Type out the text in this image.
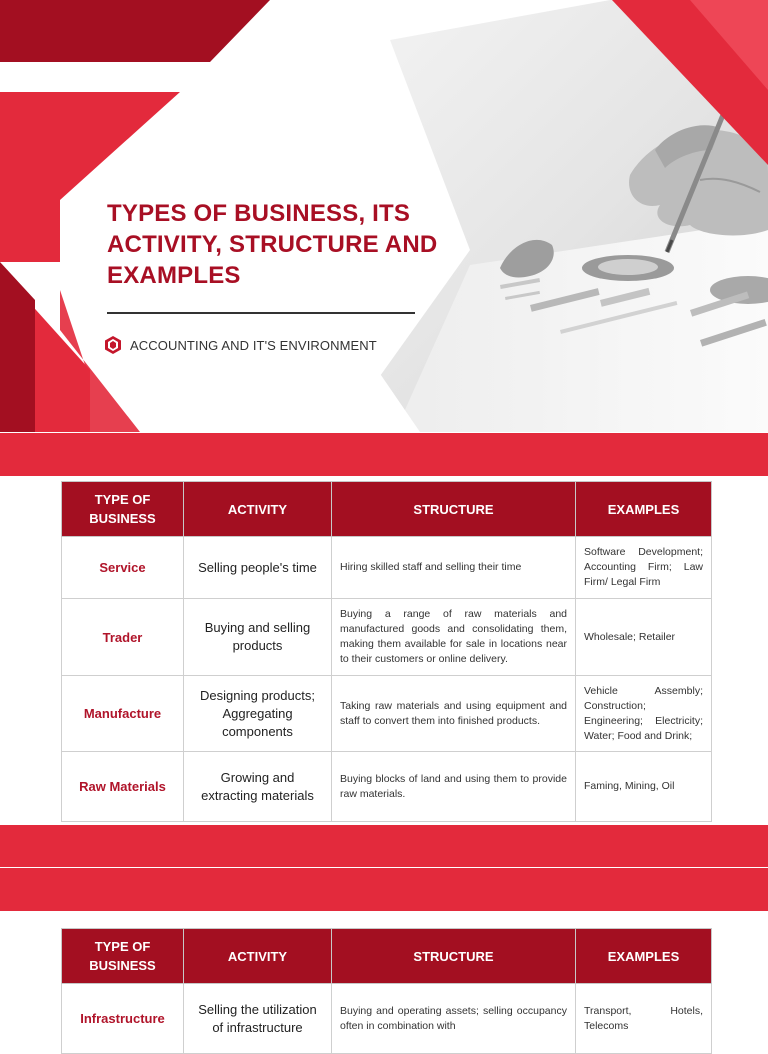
TYPES OF BUSINESS, ITS ACTIVITY, STRUCTURE AND EXAMPLES
ACCOUNTING AND IT'S ENVIRONMENT
TYPE OF BUSINESS	ACTIVITY	STRUCTURE	EXAMPLES
Service	Selling people's time	Hiring skilled staff and selling their time	Software Development; Accounting Firm; Law Firm/ Legal Firm
Trader	Buying and selling products	Buying a range of raw materials and manufactured goods and consolidating them, making them available for sale in locations near to their customers or online delivery.	Wholesale; Retailer
Manufacture	Designing products; Aggregating components	Taking raw materials and using equipment and staff to convert them into finished products.	Vehicle Assembly; Construction; Engineering; Electricity; Water; Food and Drink;
Raw Materials	Growing and extracting materials	Buying blocks of land and using them to provide raw materials.	Faming, Mining, Oil
TYPE OF BUSINESS	ACTIVITY	STRUCTURE	EXAMPLES
Infrastructure	Selling the utilization of infrastructure	Buying and operating assets; selling occupancy often in combination with	Transport, Hotels, Telecoms
